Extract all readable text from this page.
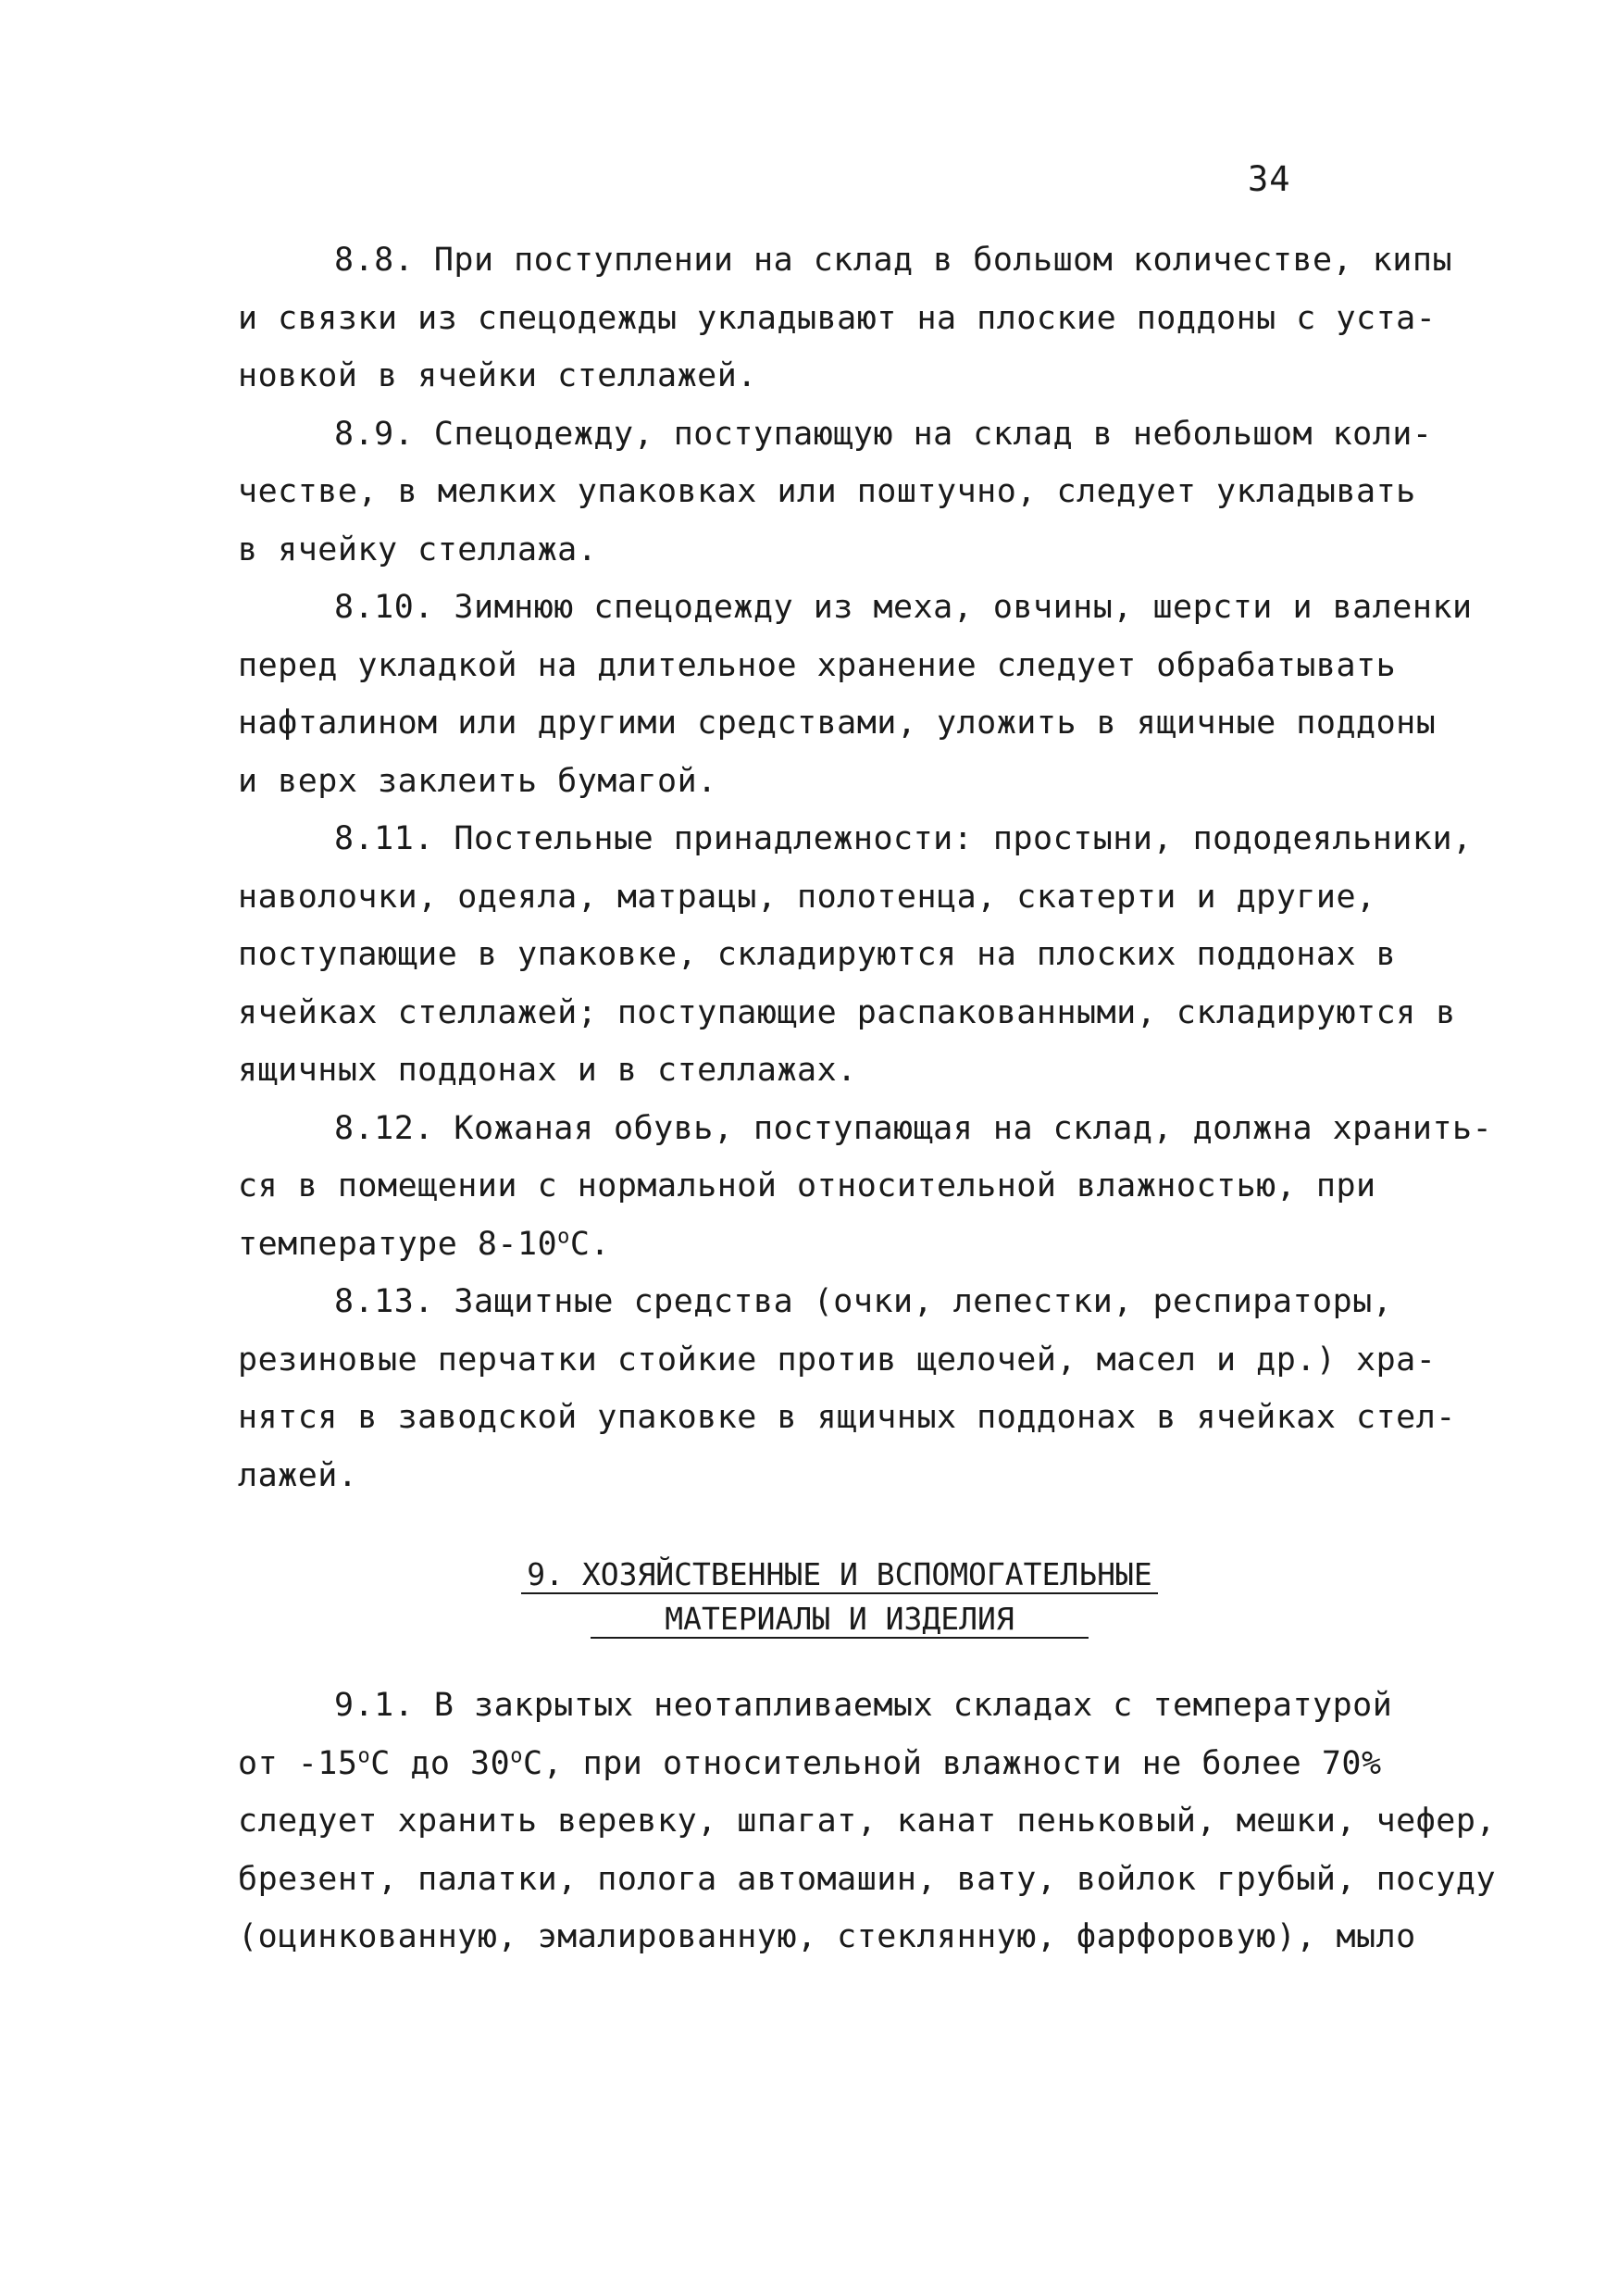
34
8.8. При поступлении на склад в большом количестве, кипы
и связки из спецодежды укладывают на плоские поддоны с уста-
новкой в ячейки стеллажей.
8.9. Спецодежду, поступающую на склад в небольшом коли-
честве, в мелких упаковках или поштучно, следует укладывать
в ячейку стеллажа.
8.10. Зимнюю спецодежду из меха, овчины, шерсти и валенки
перед укладкой на длительное хранение следует обрабатывать
нафталином или другими средствами, уложить в ящичные поддоны
и верх заклеить бумагой.
8.11. Постельные принадлежности: простыни, пододеяльники,
наволочки, одеяла, матрацы, полотенца, скатерти и другие,
поступающие в упаковке, складируются на плоских поддонах в
ячейках стеллажей; поступающие распакованными, складируются в
ящичных поддонах и в стеллажах.
8.12. Кожаная обувь, поступающая на склад, должна хранить-
ся в помещении с нормальной относительной влажностью, при
температуре $8-10^оС$.
8.13. Защитные средства (очки, лепестки, респираторы,
резиновые перчатки стойкие против щелочей, масел и др.) хра-
нятся в заводской упаковке в ящичных поддонах в ячейках стел-
лажей.
9. ХОЗЯЙСТВЕННЫЕ И ВСПОМОГАТЕЛЬНЫЕ
МАТЕРИАЛЫ И ИЗДЕЛИЯ
9.1. В закрытых неотапливаемых складах с температурой
от $-15^оС$ до $30^оС$, при относительной влажности не более 70%
следует хранить веревку, шпагат, канат пеньковый, мешки, чефер,
брезент, палатки, полога автомашин, вату, войлок грубый, посуду
(оцинкованную, эмалированную, стеклянную, фарфоровую), мыло
